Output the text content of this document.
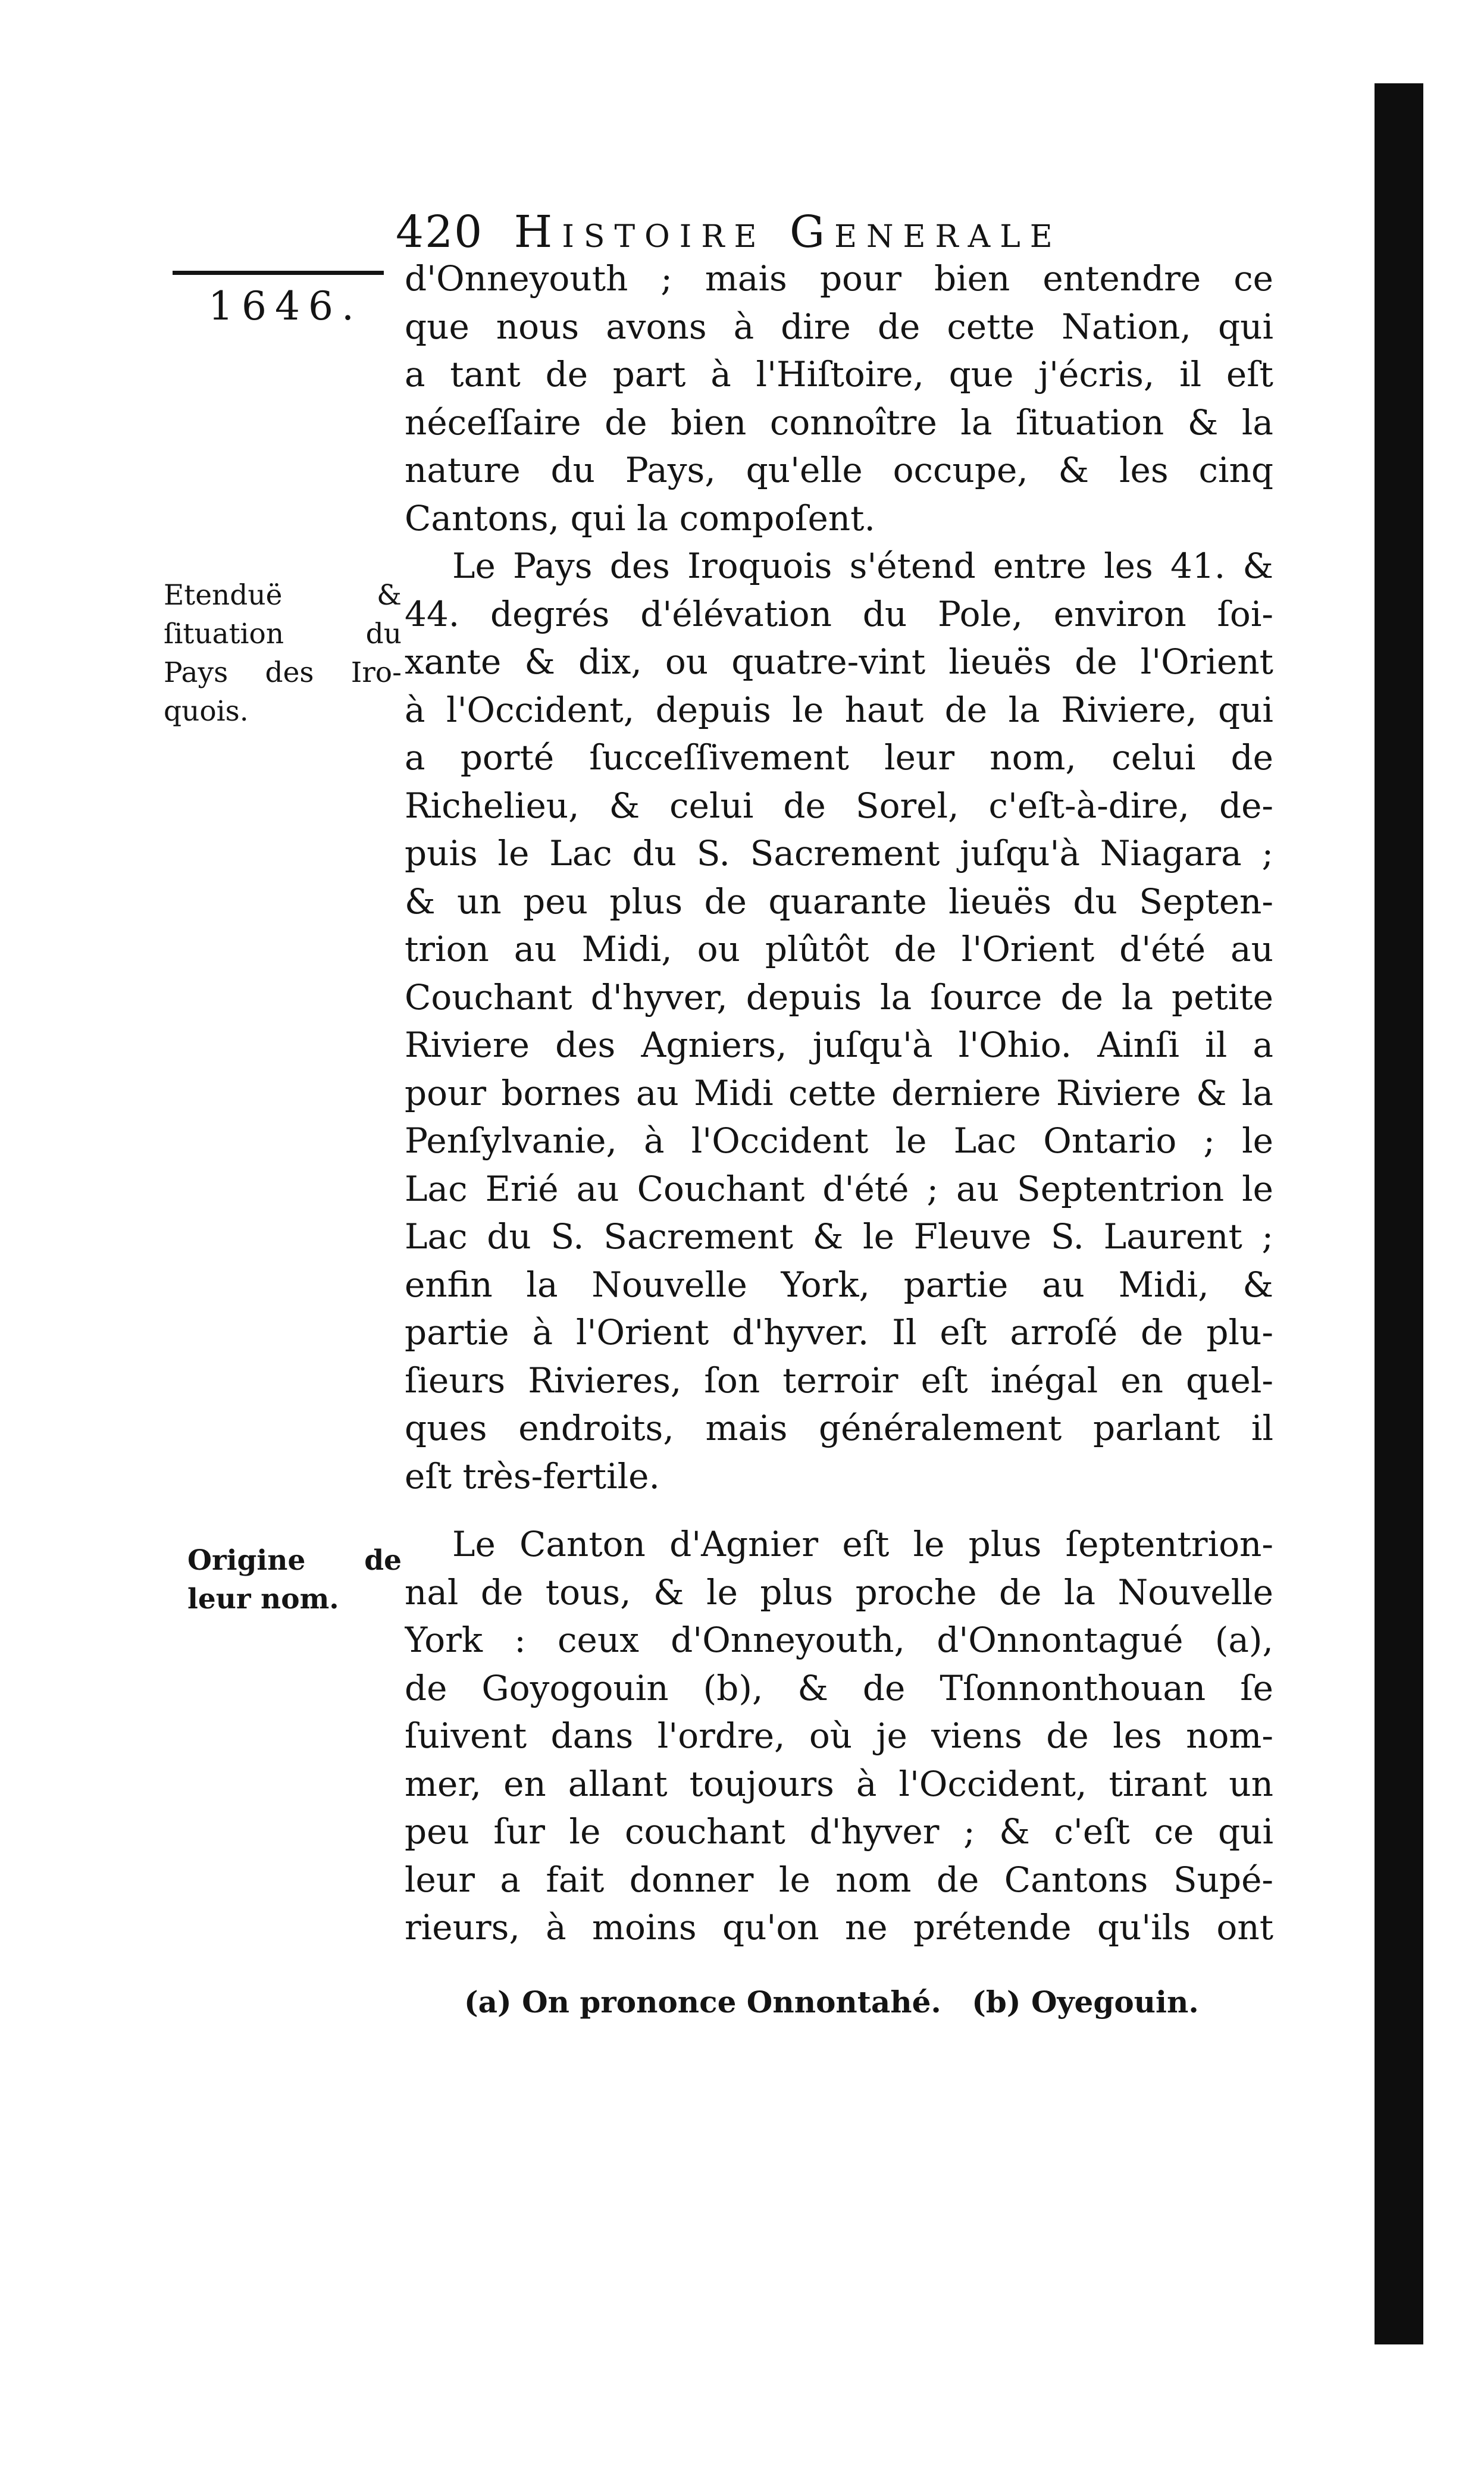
420 Histoire Generale
1646.
Etenduë &
ſituation du
Pays des Iro-
quois.
Origine de
leur nom.
d'Onneyouth ; mais pour bien entendre ce
que nous avons à dire de cette Nation, qui
a tant de part à l'Hiſtoire, que j'écris, il eſt
néceſſaire de bien connoître la ſituation & la
nature du Pays, qu'elle occupe, & les cinq
Cantons, qui la compoſent.
Le Pays des Iroquois s'étend entre les 41. &
44. degrés d'élévation du Pole, environ ſoi-
xante & dix, ou quatre-vint lieuës de l'Orient
à l'Occident, depuis le haut de la Riviere, qui
a porté ſucceſſivement leur nom, celui de
Richelieu, & celui de Sorel, c'eſt-à-dire, de-
puis le Lac du S. Sacrement juſqu'à Niagara ;
& un peu plus de quarante lieuës du Septen-
trion au Midi, ou plûtôt de l'Orient d'été au
Couchant d'hyver, depuis la ſource de la petite
Riviere des Agniers, juſqu'à l'Ohio. Ainſi il a
pour bornes au Midi cette derniere Riviere & la
Penſylvanie, à l'Occident le Lac Ontario ; le
Lac Erié au Couchant d'été ; au Septentrion le
Lac du S. Sacrement & le Fleuve S. Laurent ;
enfin la Nouvelle York, partie au Midi, &
partie à l'Orient d'hyver. Il eſt arroſé de plu-
ſieurs Rivieres, ſon terroir eſt inégal en quel-
ques endroits, mais généralement parlant il
eſt très-fertile.
Le Canton d'Agnier eſt le plus ſeptentrion-
nal de tous, & le plus proche de la Nouvelle
York : ceux d'Onneyouth, d'Onnontagué (a),
de Goyogouin (b), & de Tſonnonthouan ſe
ſuivent dans l'ordre, où je viens de les nom-
mer, en allant toujours à l'Occident, tirant un
peu ſur le couchant d'hyver ; & c'eſt ce qui
leur a fait donner le nom de Cantons Supé-
rieurs, à moins qu'on ne prétende qu'ils ont
(a) On prononce Onnontahé. (b) Oyegouin.
